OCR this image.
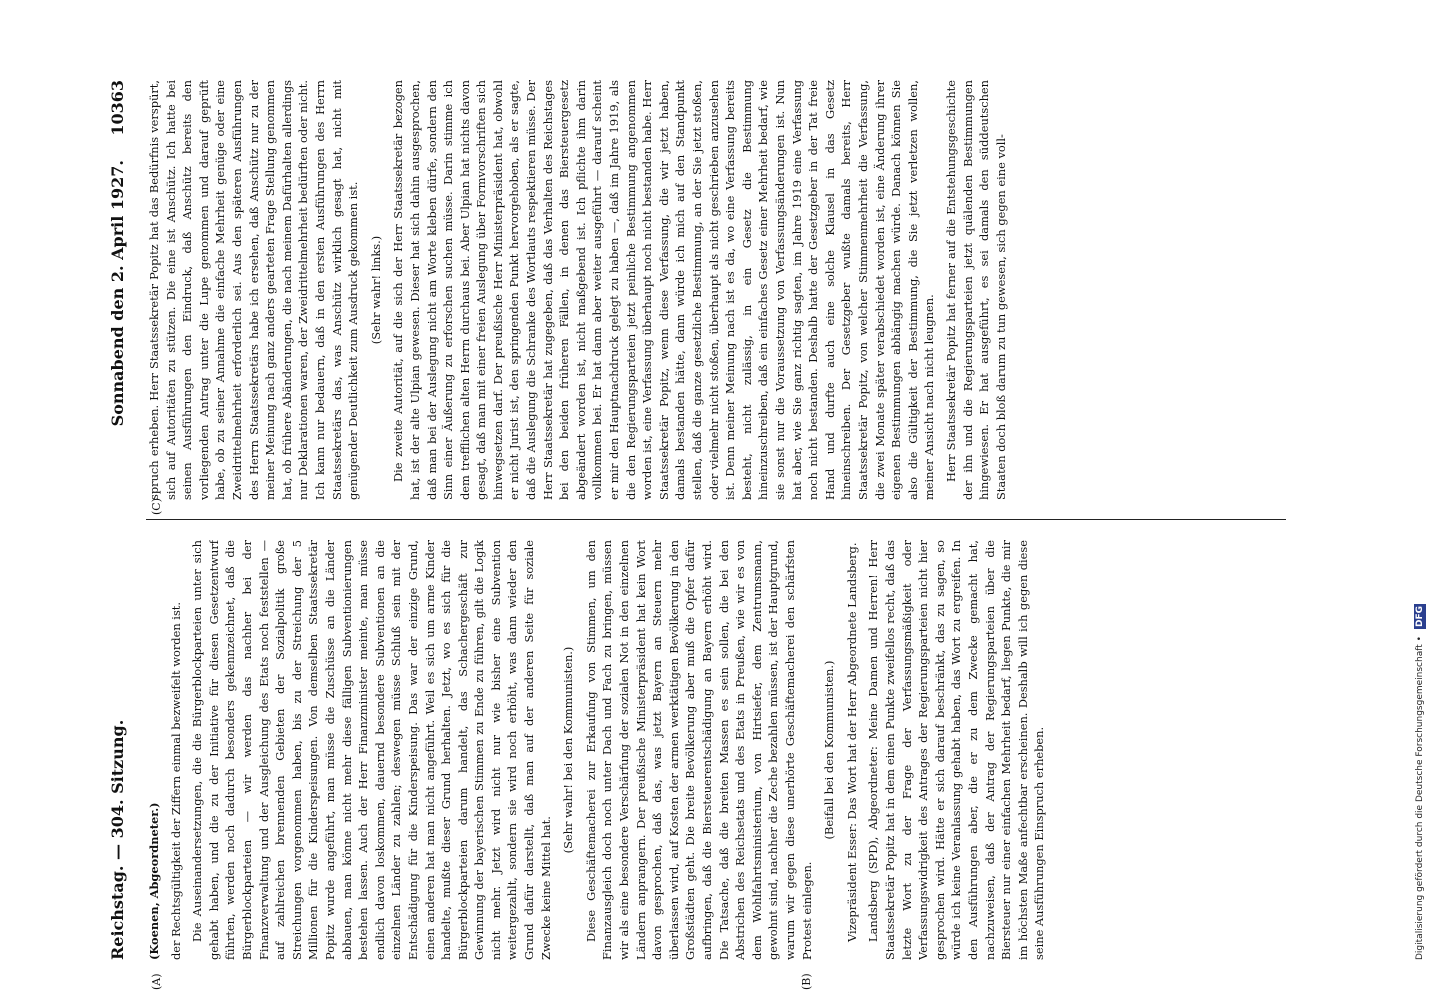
Reichstag. — 304. Sitzung.
Sonnabend den 2. April 1927.
10363
(A)	(B)
(C)

(Koenen, Abgeordneter.) der Rechtsgültigkeit der Ziffern einmal bezweifelt worden ist. Die Auseinandersetzungen, die die Bürgerblockparteien unter sich gehabt haben, und die zu der Initiative für diesen Gesetzentwurf führten, werden noch dadurch besonders gekennzeichnet, daß die Bürgerblockparteien — wir werden das nachher bei der Finanzverwaltung und der Ausgleichung des Etats noch feststellen — auf zahlreichen brennenden Gebieten der Sozialpolitik große Streichungen vorgenommen haben, bis zu der Streichung der 5 Millionen für die Kinderspeisungen. Von demselben Staatssekretär Popitz wurde angeführt, man müsse die Zuschüsse an die Länder abbauen, man könne nicht mehr diese fälligen Subventionierungen bestehen lassen. Auch der Herr Finanzminister meinte, man müsse endlich davon loskommen, dauernd besondere Subventionen an die einzelnen Länder zu zahlen; deswegen müsse Schluß sein mit der Entschädigung für die Kinderspeisung. Das war der einzige Grund, einen anderen hat man nicht angeführt. Weil es sich um arme Kinder handelte, mußte dieser Grund herhalten. Jetzt, wo es sich für die Bürgerblockparteien darum handelt, das Schachergeschäft zur Gewinnung der bayerischen Stimmen zu Ende zu führen, gilt die Logik nicht mehr. Jetzt wird nicht nur wie bisher eine Subvention weitergezahlt, sondern sie wird noch erhöht, was dann wieder den Grund dafür darstellt, daß man auf der anderen Seite für soziale Zwecke keine Mittel hat.

(Sehr wahr! bei den Kommunisten.) Diese Geschäftemacherei zur Erkaufung von Stimmen, um den Finanzausgleich doch noch unter Dach und Fach zu bringen, müssen wir als eine besondere Verschärfung der sozialen Not in den einzelnen Ländern anprangern. Der preußische Ministerpräsident hat kein Wort davon gesprochen, daß das, was jetzt Bayern an Steuern mehr überlassen wird, auf Kosten der armen werktätigen Bevölkerung in den Großstädten geht. Die breite Bevölkerung aber muß die Opfer dafür aufbringen, daß die Biersteuerentschädigung an Bayern erhöht wird. Die Tatsache, daß die breiten Massen es sein sollen, die bei den Abstrichen des Reichsetats und des Etats in Preußen, wie wir es von dem Wohlfahrtsministerium, von Hirtsiefer, dem Zentrumsmann, gewohnt sind, nachher die Zeche bezahlen müssen, ist der Hauptgrund, warum wir gegen diese unerhörte Geschäftemacherei den schärfsten Protest einlegen.

(Beifall bei den Kommunisten.) Vizepräsident Esser: Das Wort hat der Herr Abgeordnete Landsberg. Landsberg (SPD), Abgeordneter: Meine Damen und Herren! Herr Staatssekretär Popitz hat in dem einen Punkte zweifellos recht, daß das letzte Wort zu der Frage der Verfassungsmäßigkeit oder Verfassungswidrigkeit des Antrages der Regierungsparteien nicht hier gesprochen wird. Hätte er sich darauf beschränkt, das zu sagen, so würde ich keine Veranlassung gehabt haben, das Wort zu ergreifen. In den Ausführungen aber, die er zu dem Zwecke gemacht hat, nachzuweisen, daß der Antrag der Regierungsparteien über die Biersteuer nur einer einfachen Mehrheit bedarf, liegen Punkte, die mir im höchsten Maße anfechtbar erscheinen. Deshalb will ich gegen diese seine Ausführungen Einspruch erheben.

spruch erheben. Herr Staatssekretär Popitz hat das Bedürfnis verspürt, sich auf Autoritäten zu stützen. Die eine ist Anschütz. Ich hatte bei seinen Ausführungen den Eindruck, daß Anschütz bereits den vorliegenden Antrag unter die Lupe genommen und darauf geprüft habe, ob zu seiner Annahme die einfache Mehrheit genüge oder eine Zweidrittelmehrheit erforderlich sei. Aus den späteren Ausführungen des Herrn Staatssekretärs habe ich ersehen, daß Anschütz nur zu der meiner Meinung nach ganz anders gearteten Frage Stellung genommen hat, ob frühere Abänderungen, die nach meinem Dafürhalten allerdings nur Deklarationen waren, der Zweidrittelmehrheit bedürften oder nicht. Ich kann nur bedauern, daß in den ersten Ausführungen des Herrn Staatssekretärs das, was Anschütz wirklich gesagt hat, nicht mit genügender Deutlichkeit zum Ausdruck gekommen ist. (Sehr wahr! links.) Die zweite Autorität, auf die sich der Herr Staatssekretär bezogen hat, ist der alte Ulpian gewesen. Dieser hat sich dahin ausgesprochen, daß man bei der Auslegung nicht am Worte kleben dürfe, sondern den Sinn einer Äußerung zu erforschen suchen müsse. Darin stimme ich dem trefflichen alten Herrn durchaus bei. Aber Ulpian hat nichts davon gesagt, daß man mit einer freien Auslegung über Formvorschriften sich hinwegsetzen darf. Der preußische Herr Ministerpräsident hat, obwohl er nicht Jurist ist, den springenden Punkt hervorgehoben, als er sagte, daß die Auslegung die Schranke des Wortlauts respektieren müsse. Der Herr Staatssekretär hat zugegeben, daß das Verhalten des Reichstages bei den beiden früheren Fällen, in denen das Biersteuergesetz abgeändert worden ist, nicht maßgebend ist. Ich pflichte ihm darin vollkommen bei. Er hat dann aber weiter ausgeführt — darauf scheint er mir den Hauptnachdruck gelegt zu haben —, daß im Jahre 1919, als die den Regierungsparteien jetzt peinliche Bestimmung angenommen worden ist, eine Verfassung überhaupt noch nicht bestanden habe. Herr Staatssekretär Popitz, wenn diese Verfassung, die wir jetzt haben, damals bestanden hätte, dann würde ich mich auf den Standpunkt stellen, daß die ganze gesetzliche Bestimmung, an der Sie jetzt stoßen, oder vielmehr nicht stoßen, überhaupt als nicht geschrieben anzusehen ist. Denn meiner Meinung nach ist es da, wo eine Verfassung bereits besteht, nicht zulässig, in ein Gesetz die Bestimmung hineinzuschreiben, daß ein einfaches Gesetz einer Mehrheit bedarf, wie sie sonst nur die Voraussetzung von Verfassungsänderungen ist. Nun hat aber, wie Sie ganz richtig sagten, im Jahre 1919 eine Verfassung noch nicht bestanden. Deshalb hatte der Gesetzgeber in der Tat freie Hand und durfte auch eine solche Klausel in das Gesetz hineinschreiben. Der Gesetzgeber wußte damals bereits, Herr Staatssekretär Popitz, von welcher Stimmenmehrheit die Verfassung, die zwei Monate später verabschiedet worden ist, eine Änderung ihrer eigenen Bestimmungen abhängig machen würde. Danach können Sie also die Gültigkeit der Bestimmung, die Sie jetzt verletzen wollen, meiner Ansicht nach nicht leugnen. Herr Staatssekretär Popitz hat ferner auf die Entstehungsgeschichte der ihn und die Regierungsparteien jetzt quälenden Bestimmungen hingewiesen. Er hat ausgeführt, es sei damals den süddeutschen Staaten doch bloß darum zu tun gewesen, sich gegen eine voll-

Digitalisierung gefördert durch die Deutsche Forschungsgemeinschaft • DFG
